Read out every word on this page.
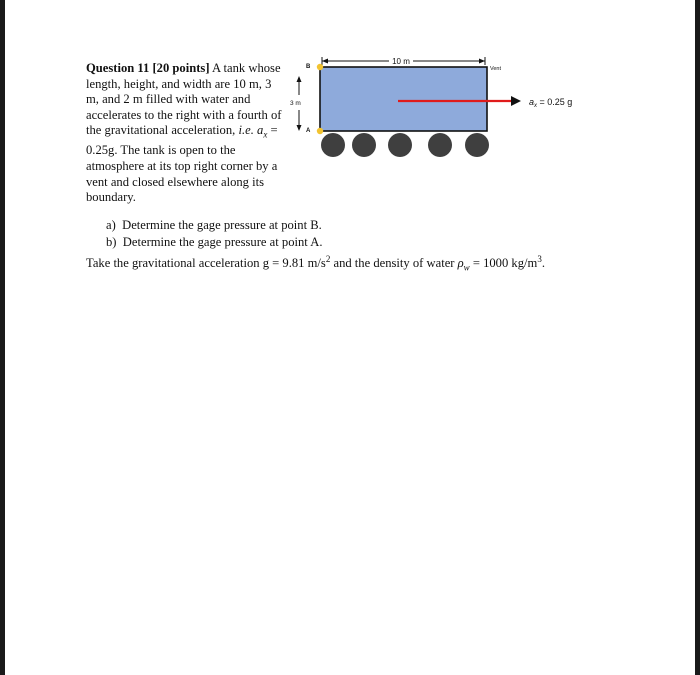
Question 11 [20 points] A tank whose length, height, and width are 10 m, 3 m, and 2 m filled with water and accelerates to the right with a fourth of the gravitational acceleration, i.e. $a_x = 0.25g$. The tank is open to the atmosphere at its top right corner by a vent and closed elsewhere along its boundary.

a) Determine the gage pressure at point B.
b) Determine the gage pressure at point A.
Take the gravitational acceleration g = 9.81 $m/s^2$ and the density of water $\rho_w = 1000$ $kg/m^3$.
10 m
Vent
3 m
B
A
$a_x = 0.25$ g
